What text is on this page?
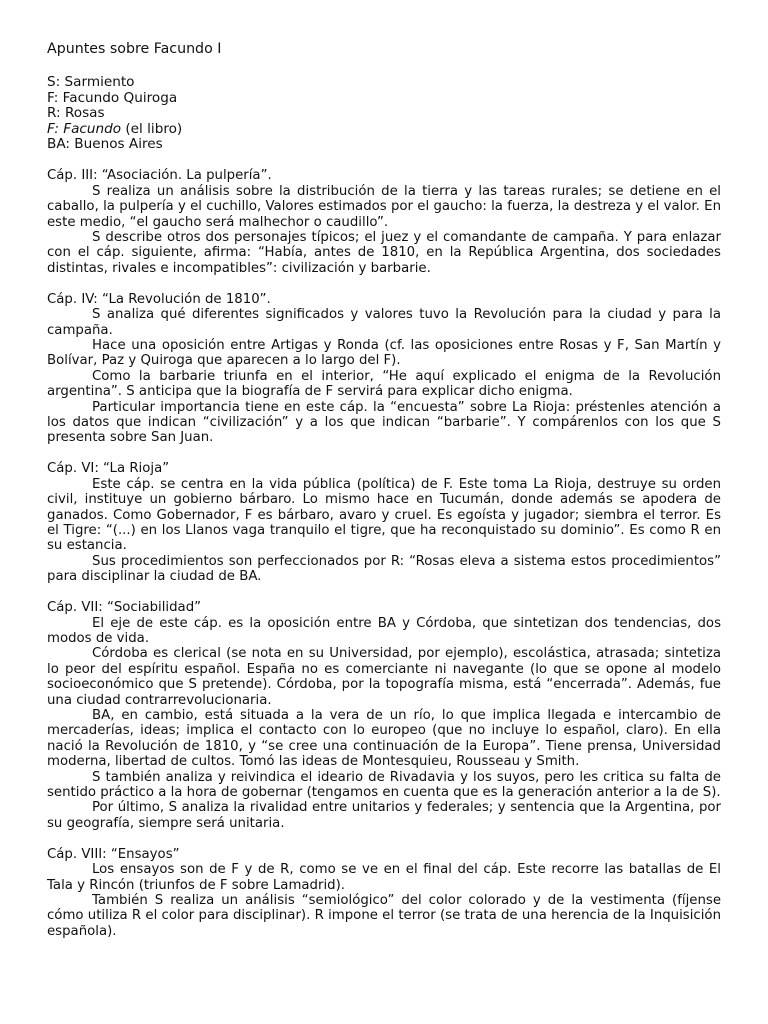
Apuntes sobre Facundo I
S: Sarmiento
F: Facundo Quiroga
R: Rosas
F: Facundo (el libro)
BA: Buenos Aires

Cáp. III: “Asociación. La pulpería”.

S realiza un análisis sobre la distribución de la tierra y las tareas rurales; se detiene en el caballo, la pulpería y el cuchillo, Valores estimados por el gaucho: la fuerza, la destreza y el valor. En este medio, “el gaucho será malhechor o caudillo”.

S describe otros dos personajes típicos; el juez y el comandante de campaña. Y para enlazar con el cáp. siguiente, afirma: “Había, antes de 1810, en la República Argentina, dos sociedades distintas, rivales e incompatibles”: civilización y barbarie.

Cáp. IV: “La Revolución de 1810”.

S analiza qué diferentes significados y valores tuvo la Revolución para la ciudad y para la campaña.

Hace una oposición entre Artigas y Ronda (cf. las oposiciones entre Rosas y F, San Martín y Bolívar, Paz y Quiroga que aparecen a lo largo del F).

Como la barbarie triunfa en el interior, “He aquí explicado el enigma de la Revolución argentina”. S anticipa que la biografía de F servirá para explicar dicho enigma.

Particular importancia tiene en este cáp. la “encuesta” sobre La Rioja: préstenles atención a los datos que indican “civilización” y a los que indican “barbarie”. Y compárenlos con los que S presenta sobre San Juan.

Cáp. VI: “La Rioja”

Este cáp. se centra en la vida pública (política) de F. Este toma La Rioja, destruye su orden civil, instituye un gobierno bárbaro. Lo mismo hace en Tucumán, donde además se apodera de ganados. Como Gobernador, F es bárbaro, avaro y cruel. Es egoísta y jugador; siembra el terror. Es el Tigre: “(...) en los Llanos vaga tranquilo el tigre, que ha reconquistado su dominio”. Es como R en su estancia.

Sus procedimientos son perfeccionados por R: “Rosas eleva a sistema estos procedimientos” para disciplinar la ciudad de BA.

Cáp. VII: “Sociabilidad”

El eje de este cáp. es la oposición entre BA y Córdoba, que sintetizan dos tendencias, dos modos de vida.

Córdoba es clerical (se nota en su Universidad, por ejemplo), escolástica, atrasada; sintetiza lo peor del espíritu español. España no es comerciante ni navegante (lo que se opone al modelo socioeconómico que S pretende). Córdoba, por la topografía misma, está “encerrada”. Además, fue una ciudad contrarrevolucionaria.

BA, en cambio, está situada a la vera de un río, lo que implica llegada e intercambio de mercaderías, ideas; implica el contacto con lo europeo (que no incluye lo español, claro). En ella nació la Revolución de 1810, y “se cree una continuación de la Europa”. Tiene prensa, Universidad moderna, libertad de cultos. Tomó las ideas de Montesquieu, Rousseau y Smith.

S también analiza y reivindica el ideario de Rivadavia y los suyos, pero les critica su falta de sentido práctico a la hora de gobernar (tengamos en cuenta que es la generación anterior a la de S).

Por último, S analiza la rivalidad entre unitarios y federales; y sentencia que la Argentina, por su geografía, siempre será unitaria.

Cáp. VIII: “Ensayos”

Los ensayos son de F y de R, como se ve en el final del cáp. Este recorre las batallas de El Tala y Rincón (triunfos de F sobre Lamadrid).

También S realiza un análisis “semiológico” del color colorado y de la vestimenta (fíjense cómo utiliza R el color para disciplinar). R impone el terror (se trata de una herencia de la Inquisición española).
